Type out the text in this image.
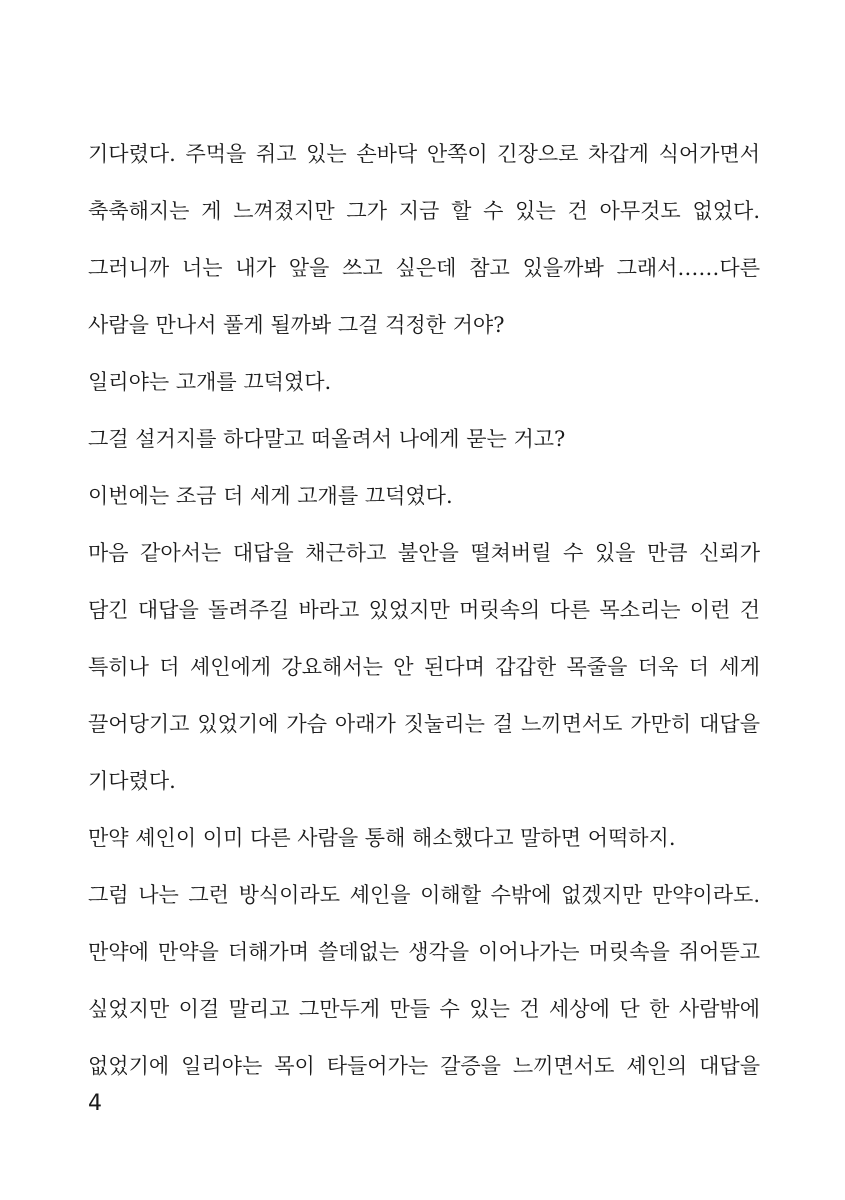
기다렸다. 주먹을 쥐고 있는 손바닥 안쪽이 긴장으로 차갑게 식어가면서
축축해지는 게 느껴졌지만 그가 지금 할 수 있는 건 아무것도 없었다.
그러니까 너는 내가 앞을 쓰고 싶은데 참고 있을까봐 그래서……다른
사람을 만나서 풀게 될까봐 그걸 걱정한 거야?
일리야는 고개를 끄덕였다.
그걸 설거지를 하다말고 떠올려서 나에게 묻는 거고?
이번에는 조금 더 세게 고개를 끄덕였다.
마음 같아서는 대답을 채근하고 불안을 떨쳐버릴 수 있을 만큼 신뢰가
담긴 대답을 돌려주길 바라고 있었지만 머릿속의 다른 목소리는 이런 건
특히나 더 셰인에게 강요해서는 안 된다며 갑갑한 목줄을 더욱 더 세게
끌어당기고 있었기에 가슴 아래가 짓눌리는 걸 느끼면서도 가만히 대답을
기다렸다.
만약 셰인이 이미 다른 사람을 통해 해소했다고 말하면 어떡하지.
그럼 나는 그런 방식이라도 셰인을 이해할 수밖에 없겠지만 만약이라도.
만약에 만약을 더해가며 쓸데없는 생각을 이어나가는 머릿속을 쥐어뜯고
싶었지만 이걸 말리고 그만두게 만들 수 있는 건 세상에 단 한 사람밖에
없었기에 일리야는 목이 타들어가는 갈증을 느끼면서도 셰인의 대답을
4
